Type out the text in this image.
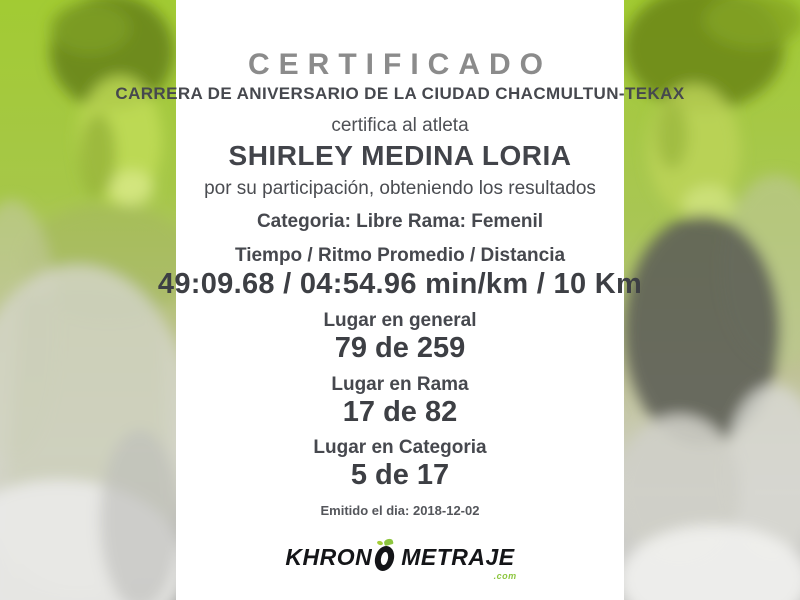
CERTIFICADO
CARRERA DE ANIVERSARIO DE LA CIUDAD CHACMULTUN-TEKAX
certifica al atleta
SHIRLEY MEDINA LORIA
por su participación, obteniendo los resultados
Categoria: Libre Rama: Femenil
Tiempo / Ritmo Promedio / Distancia
49:09.68 / 04:54.96 min/km / 10 Km
Lugar en general
79 de 259
Lugar en Rama
17 de 82
Lugar en Categoria
5 de 17
Emitido el dia: 2018-12-02
KHRON METRAJE
.com
